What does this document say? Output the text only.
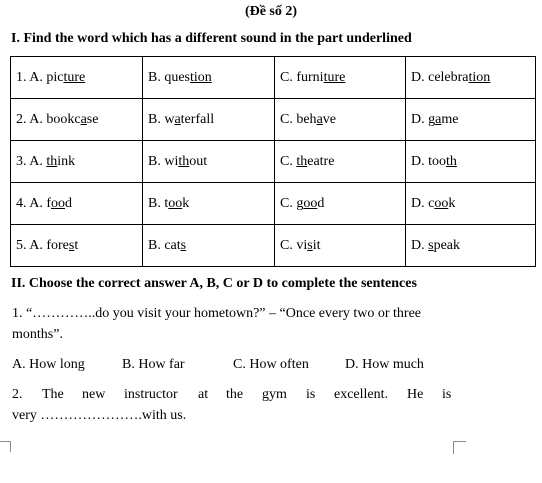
(Đề số 2)
I. Find the word which has a different sound in the part underlined
1. A. picture	B. question	C. furniture	D. celebration
2. A. bookcase	B. waterfall	C. behave	D. game
3. A. think	B. without	C. theatre	D. tooth
4. A. food	B. took	C. good	D. cook
5. A. forest	B. cats	C. visit	D. speak
II. Choose the correct answer A, B, C or D to complete the sentences
1. “…………..do you visit your hometown?” – “Once every two or three
months”.
A. How long	B. How far	C. How often	D. How much
2. The new instructor at the gym is excellent. He is
very ………………….with us.
